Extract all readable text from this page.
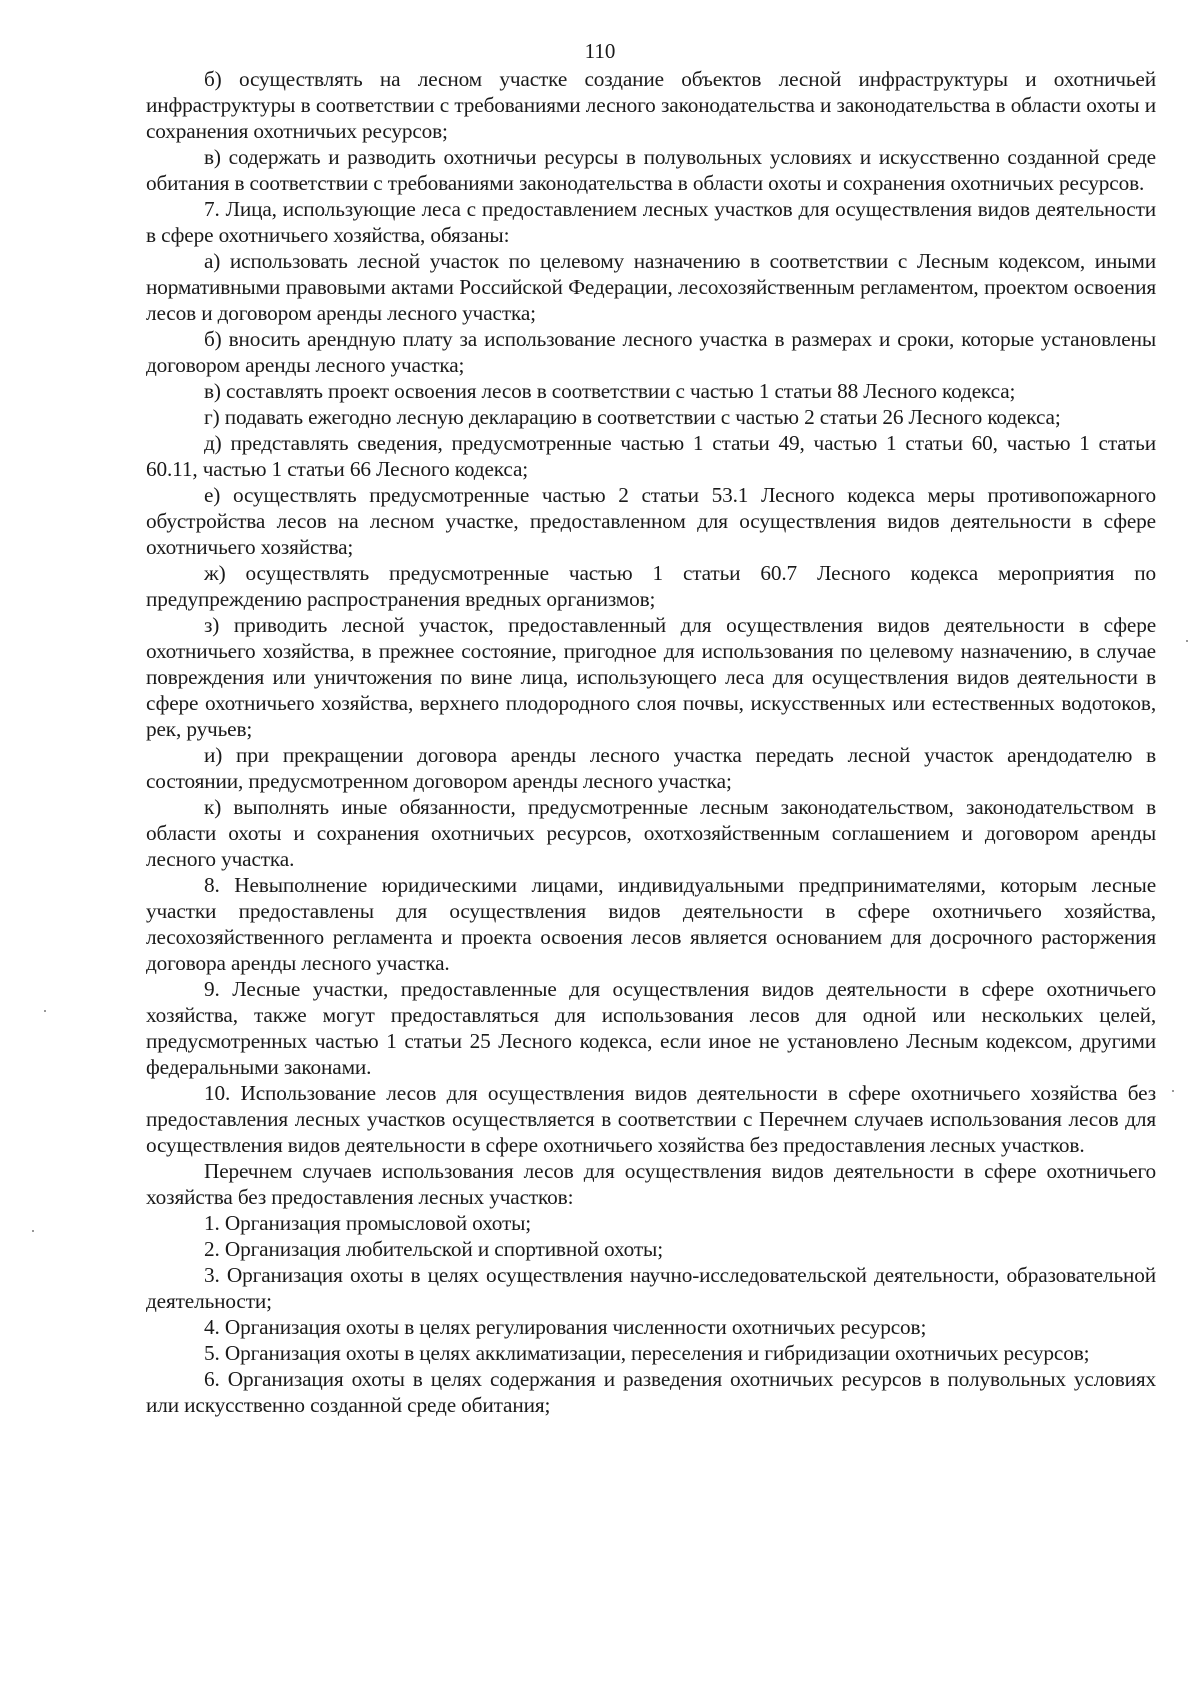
110

б) осуществлять на лесном участке создание объектов лесной инфраструктуры и охотничьей инфраструктуры в соответствии с требованиями лесного законодательства и законодательства в области охоты и сохранения охотничьих ресурсов;

в) содержать и разводить охотничьи ресурсы в полувольных условиях и искусственно созданной среде обитания в соответствии с требованиями законодательства в области охоты и сохранения охотничьих ресурсов.

7. Лица, использующие леса с предоставлением лесных участков для осуществления видов деятельности в сфере охотничьего хозяйства, обязаны:

а) использовать лесной участок по целевому назначению в соответствии с Лесным кодексом, иными нормативными правовыми актами Российской Федерации, лесохозяйственным регламентом, проектом освоения лесов и договором аренды лесного участка;

б) вносить арендную плату за использование лесного участка в размерах и сроки, которые установлены договором аренды лесного участка;

в) составлять проект освоения лесов в соответствии с частью 1 статьи 88 Лесного кодекса;

г) подавать ежегодно лесную декларацию в соответствии с частью 2 статьи 26 Лесного кодекса;

д) представлять сведения, предусмотренные частью 1 статьи 49, частью 1 статьи 60, частью 1 статьи 60.11, частью 1 статьи 66 Лесного кодекса;

е) осуществлять предусмотренные частью 2 статьи 53.1 Лесного кодекса меры противопожарного обустройства лесов на лесном участке, предоставленном для осуществления видов деятельности в сфере охотничьего хозяйства;

ж) осуществлять предусмотренные частью 1 статьи 60.7 Лесного кодекса мероприятия по предупреждению распространения вредных организмов;

з) приводить лесной участок, предоставленный для осуществления видов деятельности в сфере охотничьего хозяйства, в прежнее состояние, пригодное для использования по целевому назначению, в случае повреждения или уничтожения по вине лица, использующего леса для осуществления видов деятельности в сфере охотничьего хозяйства, верхнего плодородного слоя почвы, искусственных или естественных водотоков, рек, ручьев;

и) при прекращении договора аренды лесного участка передать лесной участок арендодателю в состоянии, предусмотренном договором аренды лесного участка;

к) выполнять иные обязанности, предусмотренные лесным законодательством, законодательством в области охоты и сохранения охотничьих ресурсов, охотхозяйственным соглашением и договором аренды лесного участка.

8. Невыполнение юридическими лицами, индивидуальными предпринимателями, которым лесные участки предоставлены для осуществления видов деятельности в сфере охотничьего хозяйства, лесохозяйственного регламента и проекта освоения лесов является основанием для досрочного расторжения договора аренды лесного участка.

9. Лесные участки, предоставленные для осуществления видов деятельности в сфере охотничьего хозяйства, также могут предоставляться для использования лесов для одной или нескольких целей, предусмотренных частью 1 статьи 25 Лесного кодекса, если иное не установлено Лесным кодексом, другими федеральными законами.

10. Использование лесов для осуществления видов деятельности в сфере охотничьего хозяйства без предоставления лесных участков осуществляется в соответствии с Перечнем случаев использования лесов для осуществления видов деятельности в сфере охотничьего хозяйства без предоставления лесных участков.

Перечнем случаев использования лесов для осуществления видов деятельности в сфере охотничьего хозяйства без предоставления лесных участков:

1. Организация промысловой охоты;

2. Организация любительской и спортивной охоты;

3. Организация охоты в целях осуществления научно-исследовательской деятельности, образовательной деятельности;

4. Организация охоты в целях регулирования численности охотничьих ресурсов;

5. Организация охоты в целях акклиматизации, переселения и гибридизации охотничьих ресурсов;

6. Организация охоты в целях содержания и разведения охотничьих ресурсов в полувольных условиях или искусственно созданной среде обитания;
